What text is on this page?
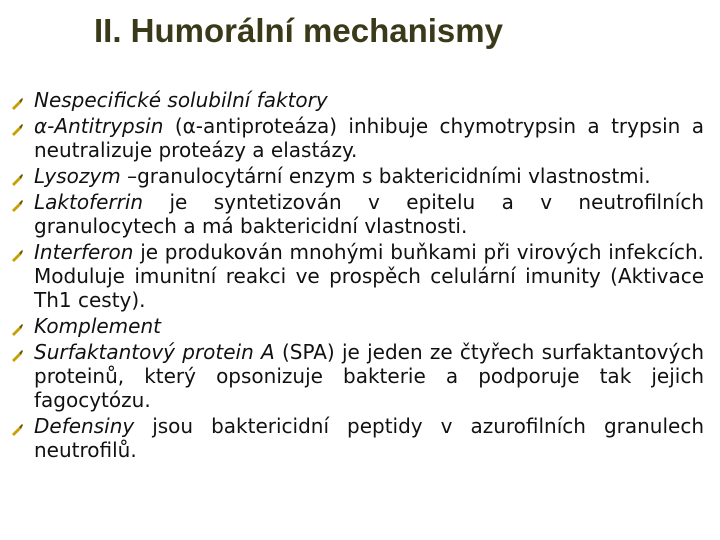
II. Humorální mechanismy
Nespecifické solubilní faktory
α-Antitrypsin (α-antiproteáza) inhibuje chymotrypsin a trypsin a neutralizuje proteázy a elastázy.
Lysozym –granulocytární enzym s baktericidními vlastnostmi.
Laktoferrin je syntetizován v epitelu a v neutrofilních granulocytech a má baktericidní vlastnosti.
Interferon je produkován mnohými buňkami při virových infekcích. Moduluje imunitní reakci ve prospěch celulární imunity (Aktivace Th1 cesty).
Komplement
Surfaktantový protein A (SPA) je jeden ze čtyřech surfaktantových proteinů, který opsonizuje bakterie a podporuje tak jejich fagocytózu.
Defensiny jsou baktericidní peptidy v azurofilních granulech neutrofilů.
